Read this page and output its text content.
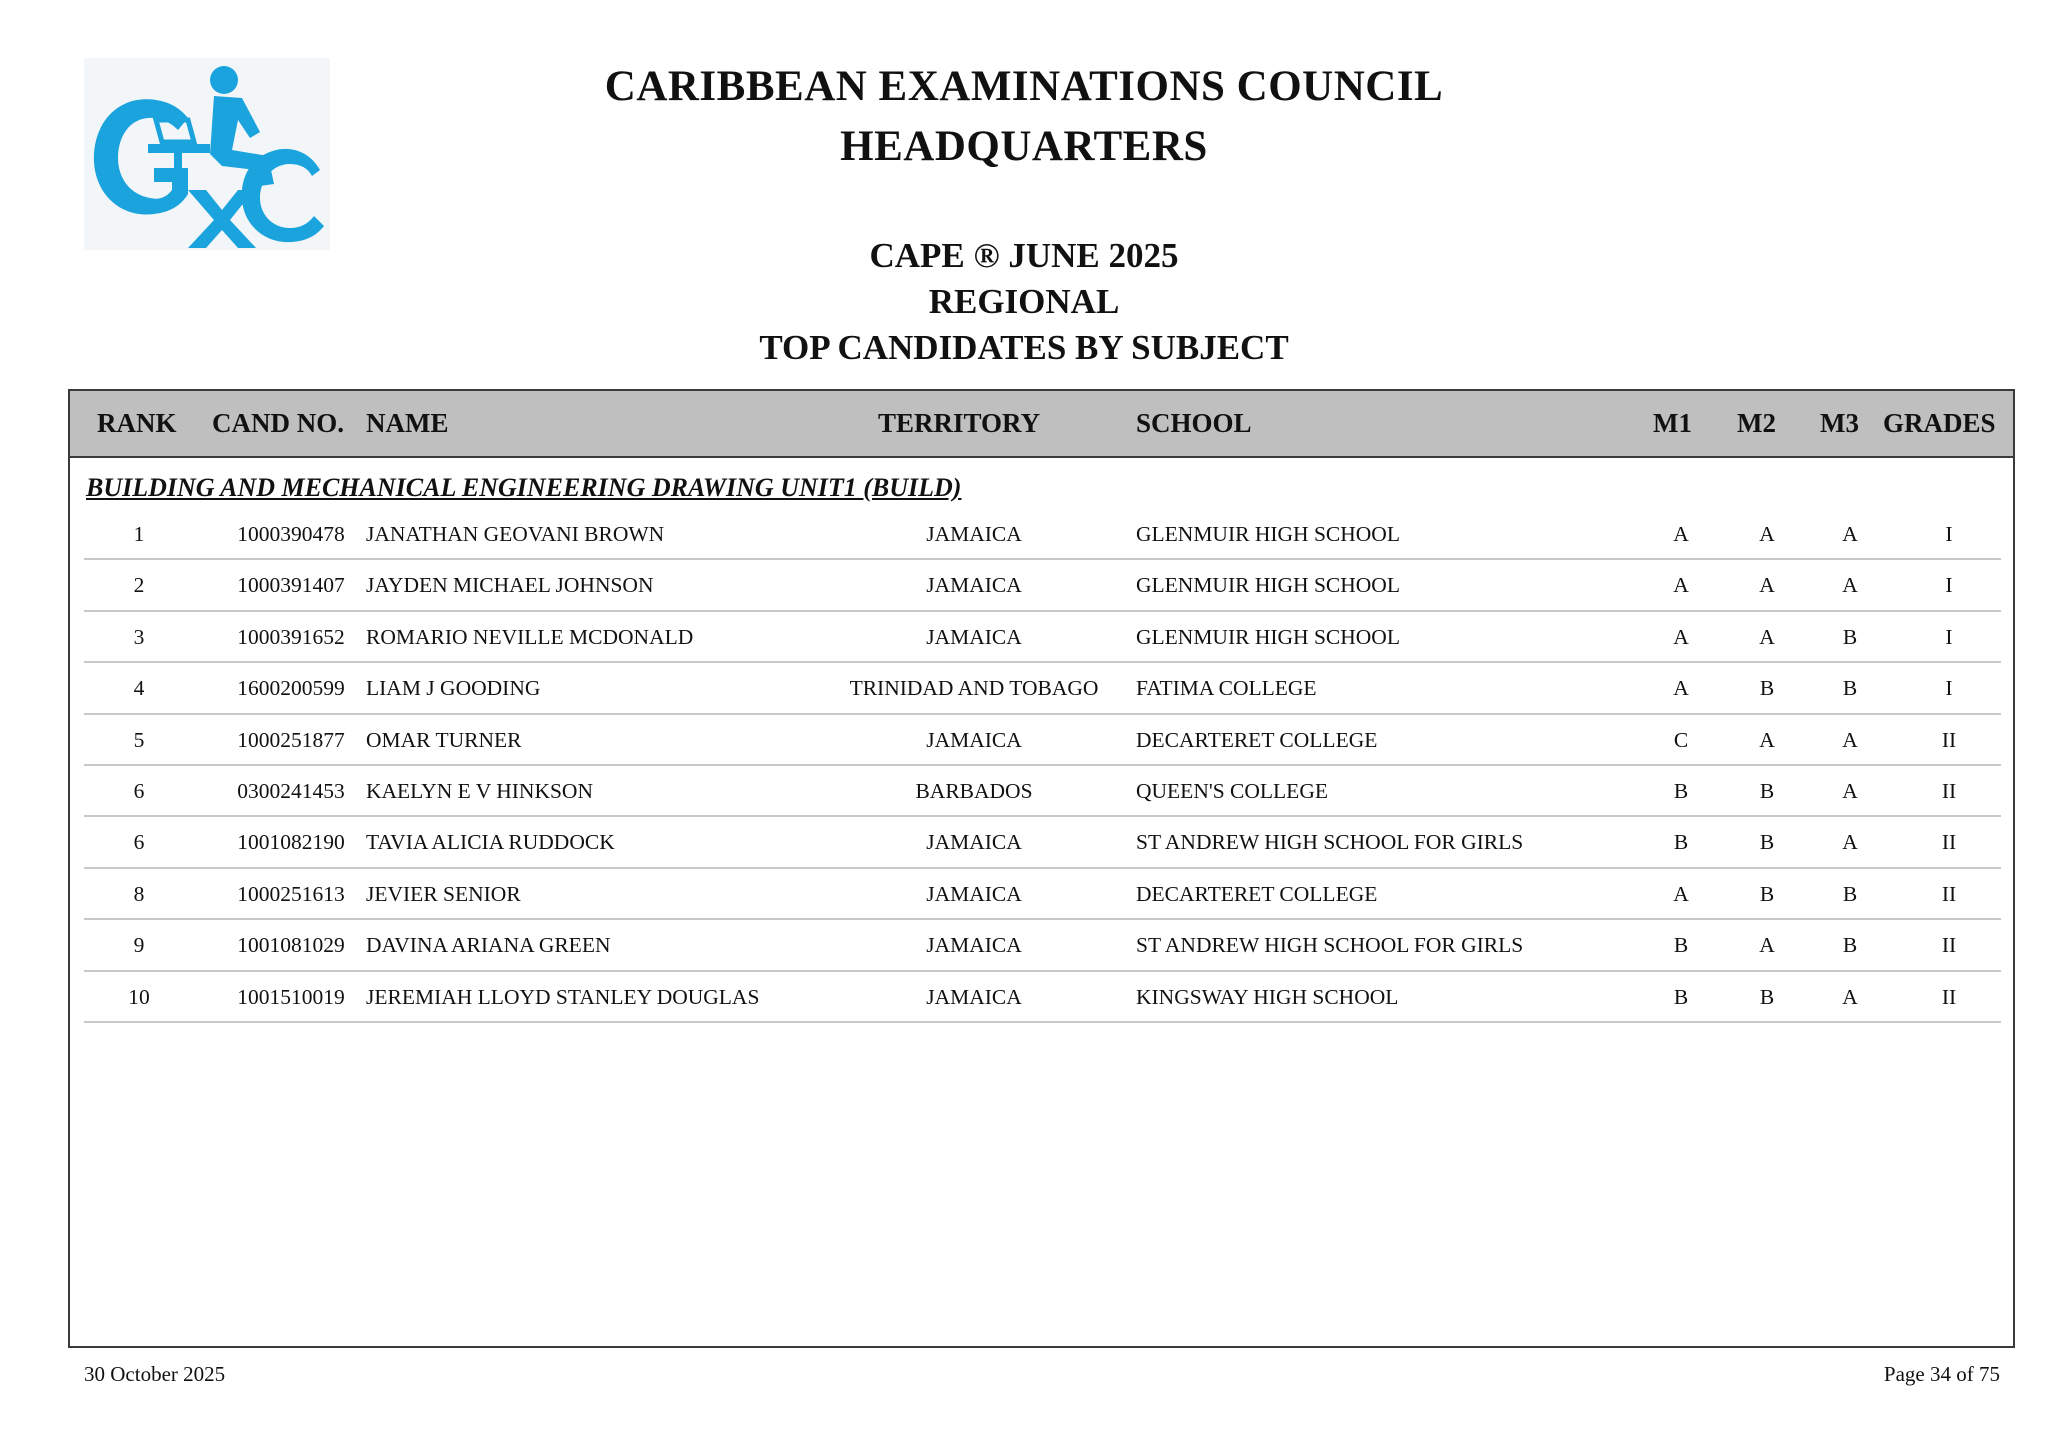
CARIBBEAN EXAMINATIONS COUNCIL
HEADQUARTERS
CAPE ® JUNE 2025
REGIONAL
TOP CANDIDATES BY SUBJECT
RANK CAND NO. NAME	TERRITORY	SCHOOL	M1 M2 M3 GRADES
BUILDING AND MECHANICAL ENGINEERING DRAWING UNIT1 (BUILD)
1	1000390478 JANATHAN GEOVANI BROWN	JAMAICA	GLENMUIR HIGH SCHOOL	A	A	A	I
2	1000391407 JAYDEN MICHAEL JOHNSON	JAMAICA	GLENMUIR HIGH SCHOOL	A	A	A	I
3	1000391652 ROMARIO NEVILLE MCDONALD	JAMAICA	GLENMUIR HIGH SCHOOL	A	A	B	I
4	1600200599 LIAM J GOODING	TRINIDAD AND TOBAGO	FATIMA COLLEGE	A	B	B	I
5	1000251877 OMAR TURNER	JAMAICA	DECARTERET COLLEGE	C	A	A	II
6	0300241453 KAELYN E V HINKSON	BARBADOS	QUEEN'S COLLEGE	B	B	A	II
6	1001082190 TAVIA ALICIA RUDDOCK	JAMAICA	ST ANDREW HIGH SCHOOL FOR GIRLS	B	B	A	II
8	1000251613 JEVIER SENIOR	JAMAICA	DECARTERET COLLEGE	A	B	B	II
9	1001081029 DAVINA ARIANA GREEN	JAMAICA	ST ANDREW HIGH SCHOOL FOR GIRLS	B	A	B	II
10	1001510019 JEREMIAH LLOYD STANLEY DOUGLAS	JAMAICA	KINGSWAY HIGH SCHOOL	B	B	A	II
30 October 2025	Page 34 of 75
